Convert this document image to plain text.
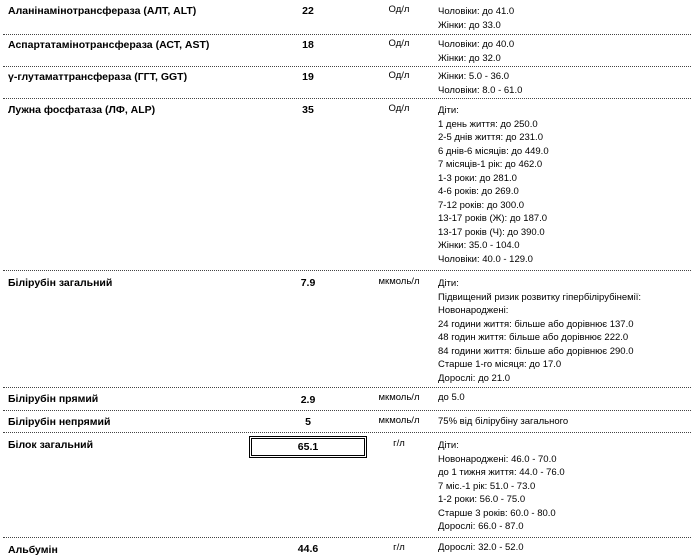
Аланінамінотрансфераза (АЛТ, ALT)	22	Од/л	Чоловіки: до 41.0
Жінки: до 33.0
Аспартатамінотрансфераза (АСТ, AST)	18	Од/л	Чоловіки: до 40.0
Жінки: до 32.0
γ-глутаматтрансфераза (ГГТ, GGT)	19	Од/л	Жінки: 5.0 - 36.0
Чоловіки: 8.0 - 61.0
Лужна фосфатаза (ЛФ, ALP)	35	Од/л	Діти:
1 день життя: до 250.0
2-5 днів життя: до 231.0
6 днів-6 місяців: до 449.0
7 місяців-1 рік: до 462.0
1-3 роки: до 281.0
4-6 років: до 269.0
7-12 років: до 300.0
13-17 років (Ж): до 187.0
13-17 років (Ч): до 390.0
Жінки: 35.0 - 104.0
Чоловіки: 40.0 - 129.0
Білірубін загальний	7.9	мкмоль/л	Діти:
Підвищений ризик розвитку гіпербілірубінемії:
Новонароджені:
24 години життя: більше або дорівнює 137.0
48 годин життя: більше або дорівнює 222.0
84 години життя: більше або дорівнює 290.0
Старше 1-го місяця: до 17.0
Дорослі: до 21.0
Білірубін прямий	2.9	мкмоль/л	до 5.0
Білірубін непрямий	5	мкмоль/л	75% від білірубіну загального
Білок загальний	65.1	г/л	Діти:
Новонароджені: 46.0 - 70.0
до 1 тижня життя: 44.0 - 76.0
7 міс.-1 рік: 51.0 - 73.0
1-2 роки: 56.0 - 75.0
Старше 3 років: 60.0 - 80.0
Дорослі: 66.0 - 87.0
Альбумін	44.6	г/л	Дорослі: 32.0 - 52.0
